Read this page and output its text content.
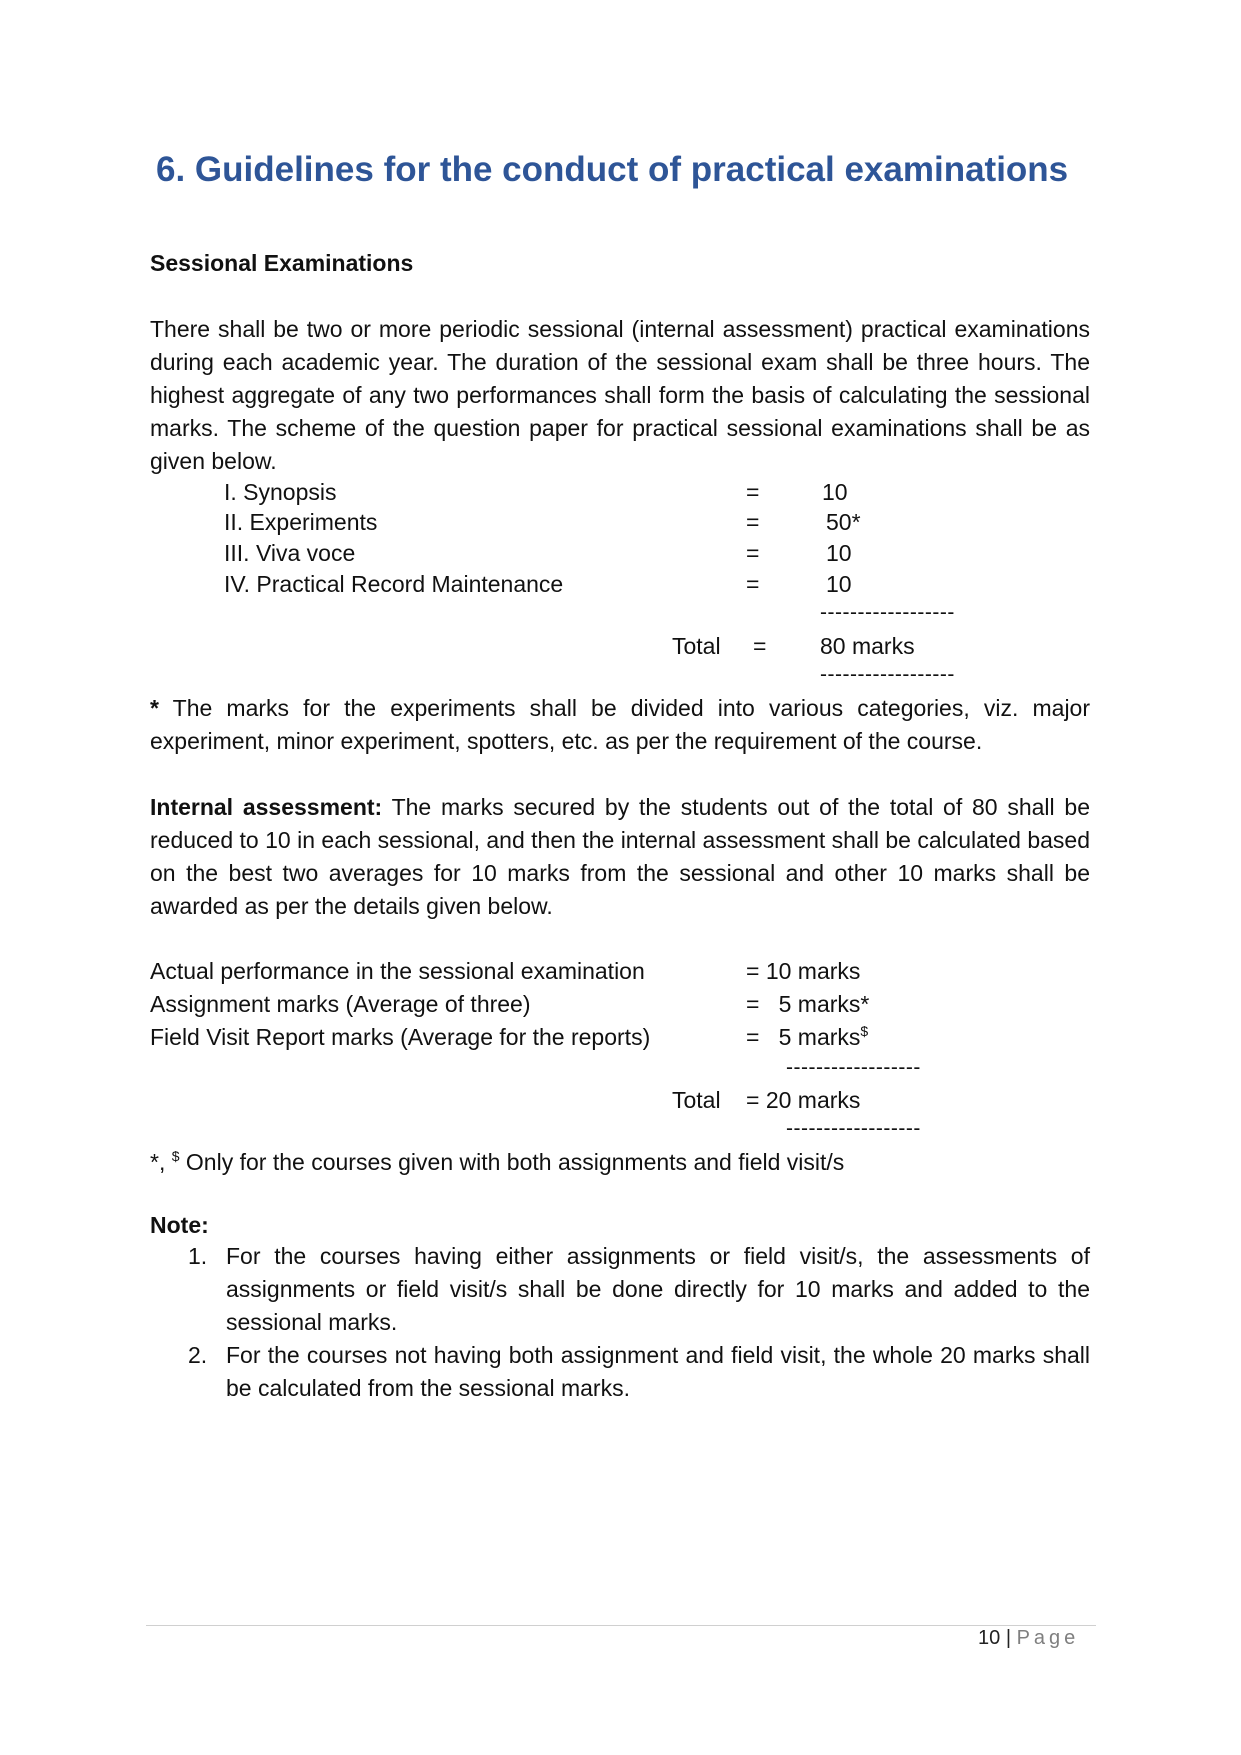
6. Guidelines for the conduct of practical examinations
Sessional Examinations
There shall be two or more periodic sessional (internal assessment) practical examinations during each academic year. The duration of the sessional exam shall be three hours. The highest aggregate of any two performances shall form the basis of calculating the sessional marks. The scheme of the question paper for practical sessional examinations shall be as given below.
I. Synopsis	=	10
II. Experiments	=	50*
III. Viva voce	=	10
IV. Practical Record Maintenance	=	10
------------------
Total = 80 marks
------------------
* The marks for the experiments shall be divided into various categories, viz. major experiment, minor experiment, spotters, etc. as per the requirement of the course.
Internal assessment: The marks secured by the students out of the total of 80 shall be reduced to 10 in each sessional, and then the internal assessment shall be calculated based on the best two averages for 10 marks from the sessional and other 10 marks shall be awarded as per the details given below.
Actual performance in the sessional examination	= 10 marks
Assignment marks (Average of three)	=   5 marks*
Field Visit Report marks (Average for the reports)	=   5 marks$
------------------
Total = 20 marks
------------------
*, $ Only for the courses given with both assignments and field visit/s
Note:
1. For the courses having either assignments or field visit/s, the assessments of assignments or field visit/s shall be done directly for 10 marks and added to the sessional marks.
2. For the courses not having both assignment and field visit, the whole 20 marks shall be calculated from the sessional marks.
10 | Page
